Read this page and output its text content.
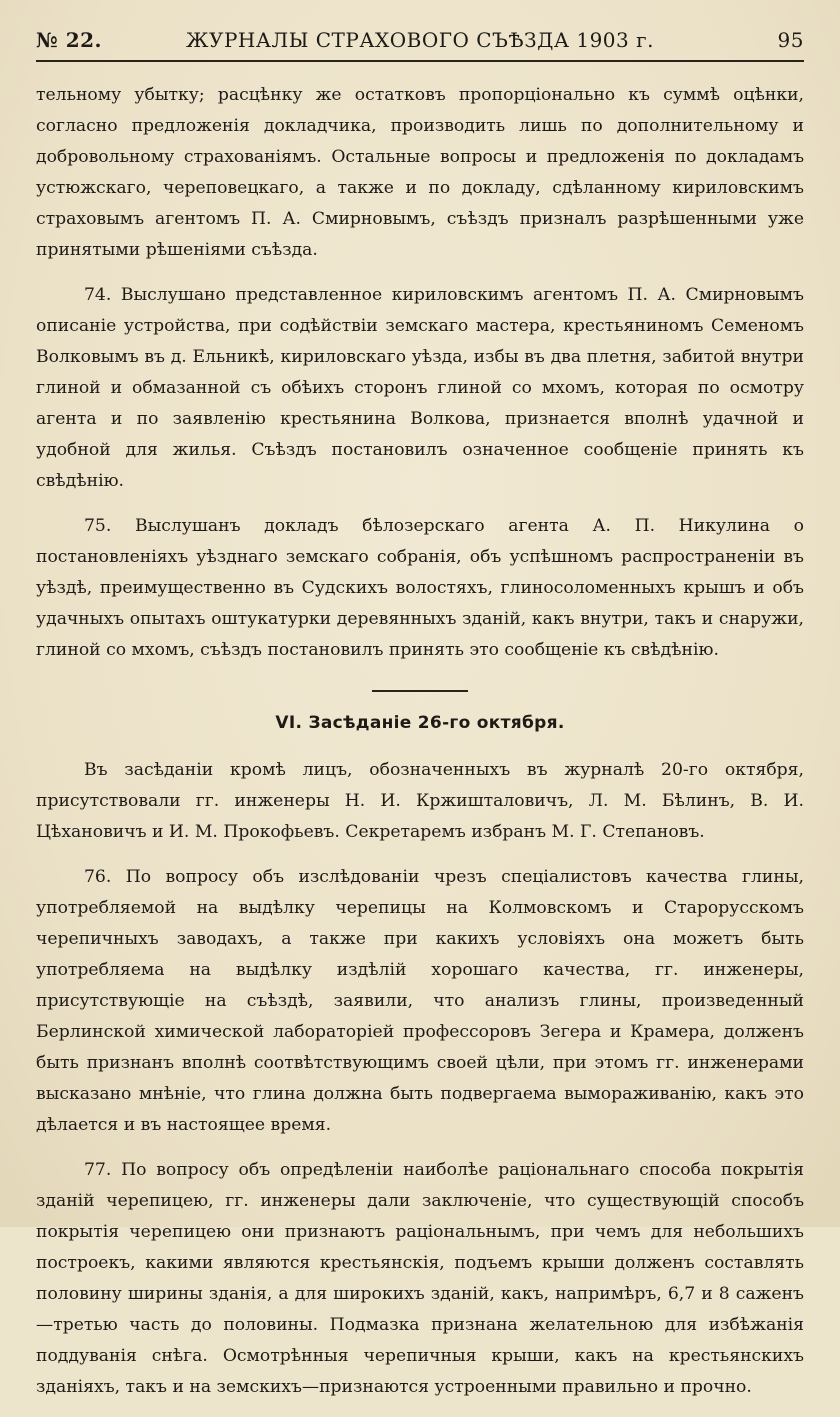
№ 22.	ЖУРНАЛЫ СТРАХОВОГО СЪѢЗДА 1903 г.	95

тельному убытку; расцѣнку же остатковъ пропорціонально къ суммѣ оцѣнки, согласно предложенія докладчика, производить лишь по дополнительному и добровольному страхованіямъ. Остальные вопросы и предложенія по докладамъ устюжскаго, череповецкаго, а также и по докладу, сдѣланному кириловскимъ страховымъ агентомъ П. А. Смирновымъ, съѣздъ призналъ разрѣшенными уже принятыми рѣшеніями съѣзда.

74. Выслушано представленное кириловскимъ агентомъ П. А. Смирновымъ описаніе устройства, при содѣйствіи земскаго мастера, крестьяниномъ Семеномъ Волковымъ въ д. Ельникѣ, кириловскаго уѣзда, избы въ два плетня, забитой внутри глиной и обмазанной съ обѣихъ сторонъ глиной со мхомъ, которая по осмотру агента и по заявленію крестьянина Волкова, признается вполнѣ удачной и удобной для жилья. Съѣздъ постановилъ означенное сообщеніе принять къ свѣдѣнію.

75. Выслушанъ докладъ бѣлозерскаго агента А. П. Никулина о постановленіяхъ уѣзднаго земскаго собранія, объ успѣшномъ распространеніи въ уѣздѣ, преимущественно въ Судскихъ волостяхъ, глиносоломенныхъ крышъ и объ удачныхъ опытахъ оштукатурки деревянныхъ зданій, какъ внутри, такъ и снаружи, глиной со мхомъ, съѣздъ постановилъ принять это сообщеніе къ свѣдѣнію.

VI. Засѣданіе 26-го октября.

Въ засѣданіи кромѣ лицъ, обозначенныхъ въ журналѣ 20-го октября, присутствовали гг. инженеры Н. И. Кржишталовичъ, Л. М. Бѣлинъ, В. И. Цѣхановичъ и И. М. Прокофьевъ. Секретаремъ избранъ М. Г. Степановъ.

76. По вопросу объ изслѣдованіи чрезъ спеціалистовъ качества глины, употребляемой на выдѣлку черепицы на Колмовскомъ и Старорусскомъ черепичныхъ заводахъ, а также при какихъ условіяхъ она можетъ быть употребляема на выдѣлку издѣлій хорошаго качества, гг. инженеры, присутствующіе на съѣздѣ, заявили, что анализъ глины, произведенный Берлинской химической лабораторіей профессоровъ Зегера и Крамера, долженъ быть признанъ вполнѣ соотвѣтствующимъ своей цѣли, при этомъ гг. инженерами высказано мнѣніе, что глина должна быть подвергаема вымораживанію, какъ это дѣлается и въ настоящее время.

77. По вопросу объ опредѣленіи наиболѣе раціональнаго способа покрытія зданій черепицею, гг. инженеры дали заключеніе, что существующій способъ покрытія черепицею они признаютъ раціональнымъ, при чемъ для небольшихъ построекъ, какими являются крестьянскія, подъемъ крыши долженъ составлять половину ширины зданія, а для широкихъ зданій, какъ, напримѣръ, 6,7 и 8 саженъ—третью часть до половины. Подмазка признана желательною для избѣжанія поддуванія снѣга. Осмотрѣнныя черепичныя крыши, какъ на крестьянскихъ зданіяхъ, такъ и на земскихъ—признаются устроенными правильно и прочно.
